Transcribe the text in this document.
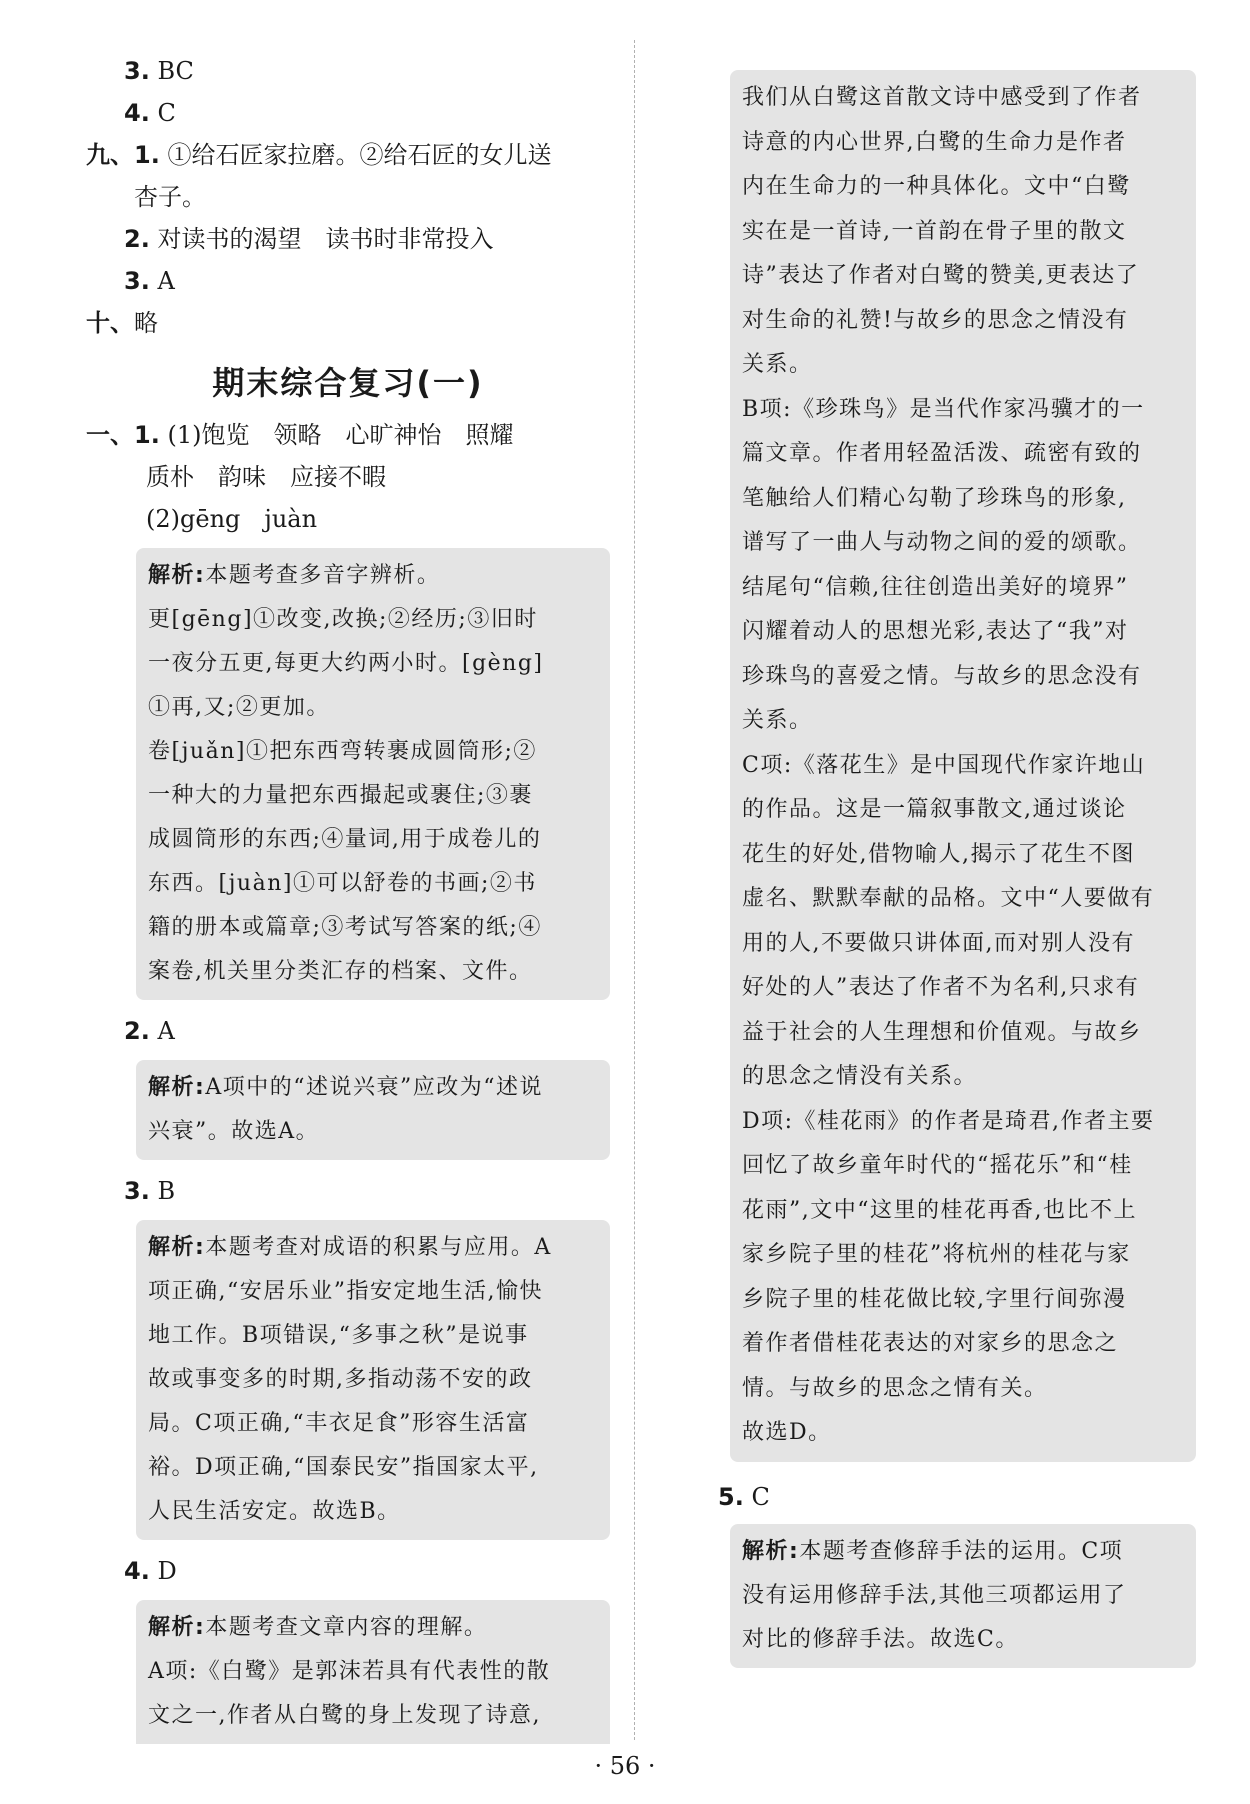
3. BC
4. C
九、1. ①给石匠家拉磨。②给石匠的女儿送
杏子。
2. 对读书的渴望　读书时非常投入
3. A
十、略
期末综合复习(一)
一、1. (1)饱览　领略　心旷神怡　照耀
质朴　韵味　应接不暇
(2)gēng　juàn
解析:本题考查多音字辨析。
更[gēng]①改变,改换;②经历;③旧时
一夜分五更,每更大约两小时。[gèng]
①再,又;②更加。
卷[juǎn]①把东西弯转裹成圆筒形;②
一种大的力量把东西撮起或裹住;③裹
成圆筒形的东西;④量词,用于成卷儿的
东西。[juàn]①可以舒卷的书画;②书
籍的册本或篇章;③考试写答案的纸;④
案卷,机关里分类汇存的档案、文件。
2. A
解析:A项中的“述说兴衰”应改为“述说
兴衰”。故选A。
3. B
解析:本题考查对成语的积累与应用。A
项正确,“安居乐业”指安定地生活,愉快
地工作。B项错误,“多事之秋”是说事
故或事变多的时期,多指动荡不安的政
局。C项正确,“丰衣足食”形容生活富
裕。D项正确,“国泰民安”指国家太平,
人民生活安定。故选B。
4. D
解析:本题考查文章内容的理解。
A项:《白鹭》是郭沫若具有代表性的散
文之一,作者从白鹭的身上发现了诗意,
我们从白鹭这首散文诗中感受到了作者
诗意的内心世界,白鹭的生命力是作者
内在生命力的一种具体化。文中“白鹭
实在是一首诗,一首韵在骨子里的散文
诗”表达了作者对白鹭的赞美,更表达了
对生命的礼赞!与故乡的思念之情没有
关系。
B项:《珍珠鸟》是当代作家冯骥才的一
篇文章。作者用轻盈活泼、疏密有致的
笔触给人们精心勾勒了珍珠鸟的形象,
谱写了一曲人与动物之间的爱的颂歌。
结尾句“信赖,往往创造出美好的境界”
闪耀着动人的思想光彩,表达了“我”对
珍珠鸟的喜爱之情。与故乡的思念没有
关系。
C项:《落花生》是中国现代作家许地山
的作品。这是一篇叙事散文,通过谈论
花生的好处,借物喻人,揭示了花生不图
虚名、默默奉献的品格。文中“人要做有
用的人,不要做只讲体面,而对别人没有
好处的人”表达了作者不为名利,只求有
益于社会的人生理想和价值观。与故乡
的思念之情没有关系。
D项:《桂花雨》的作者是琦君,作者主要
回忆了故乡童年时代的“摇花乐”和“桂
花雨”,文中“这里的桂花再香,也比不上
家乡院子里的桂花”将杭州的桂花与家
乡院子里的桂花做比较,字里行间弥漫
着作者借桂花表达的对家乡的思念之
情。与故乡的思念之情有关。
故选D。
5. C
解析:本题考查修辞手法的运用。C项
没有运用修辞手法,其他三项都运用了
对比的修辞手法。故选C。
· 56 ·
